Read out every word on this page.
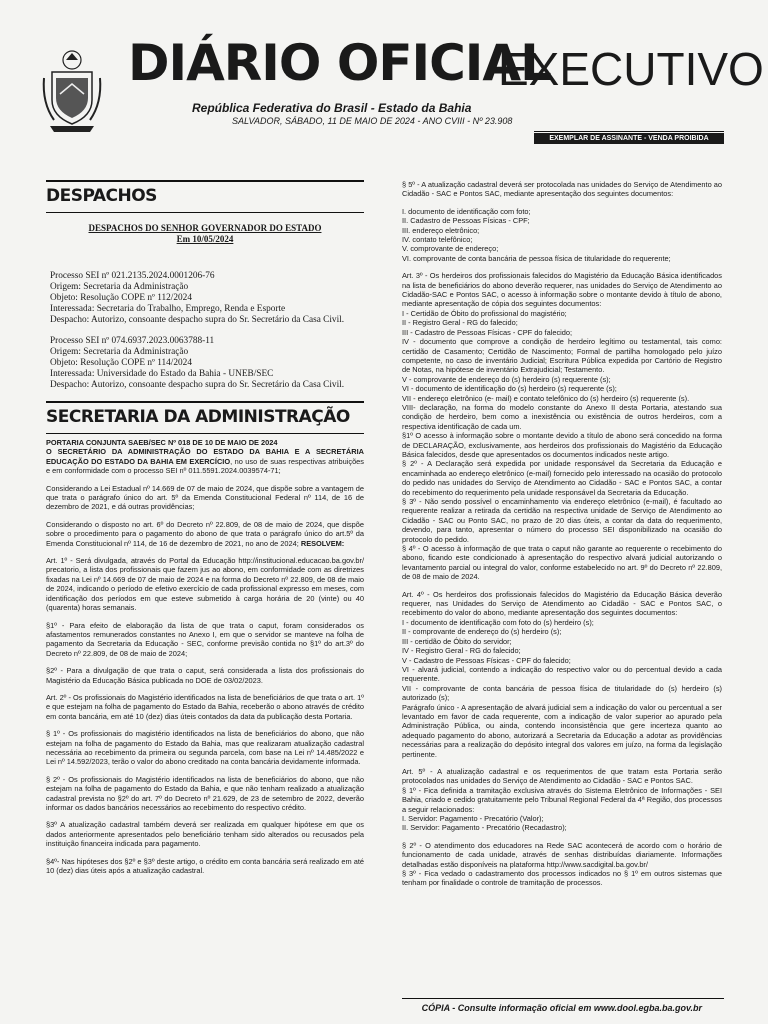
DIÁRIO OFICIAL
EXECUTIVO
República Federativa do Brasil - Estado da Bahia
SALVADOR, SÁBADO, 11 DE MAIO DE 2024 - ANO CVIII - Nº 23.908
EXEMPLAR DE ASSINANTE - VENDA PROIBIDA
DESPACHOS
DESPACHOS DO SENHOR GOVERNADOR DO ESTADO
Em 10/05/2024
Processo SEI nº 021.2135.2024.0001206-76
Origem: Secretaria da Administração
Objeto: Resolução COPE nº 112/2024
Interessada: Secretaria do Trabalho, Emprego, Renda e Esporte
Despacho: Autorizo, consoante despacho supra do Sr. Secretário da Casa Civil.
Processo SEI nº 074.6937.2023.0063788-11
Origem: Secretaria da Administração
Objeto: Resolução COPE nº 114/2024
Interessada: Universidade do Estado da Bahia - UNEB/SEC
Despacho: Autorizo, consoante despacho supra do Sr. Secretário da Casa Civil.
SECRETARIA DA ADMINISTRAÇÃO

PORTARIA CONJUNTA SAEB/SEC Nº 018 DE 10 DE MAIO DE 2024

O SECRETÁRIO DA ADMINISTRAÇÃO DO ESTADO DA BAHIA E A SECRETÁRIA EDUCAÇÃO DO ESTADO DA BAHIA EM EXERCÍCIO, no uso de suas respectivas atribuições e em conformidade com o processo SEI nº 011.5591.2024.0039574-71;

Considerando a Lei Estadual nº 14.669 de 07 de maio de 2024, que dispõe sobre a vantagem de que trata o parágrafo único do art. 5º da Emenda Constitucional Federal nº 114, de 16 de dezembro de 2021, e dá outras providências;

Considerando o disposto no art. 6º do Decreto nº 22.809, de 08 de maio de 2024, que dispõe sobre o procedimento para o pagamento do abono de que trata o parágrafo único do art.5º da Emenda Constitucional nº 114, de 16 de dezembro de 2021, no ano de 2024; RESOLVEM:

Art. 1º - Será divulgada, através do Portal da Educação http://institucional.educacao.ba.gov.br/ precatorio, a lista dos profissionais que fazem jus ao abono, em conformidade com as diretrizes fixadas na Lei nº 14.669 de 07 de maio de 2024 e na forma do Decreto nº 22.809, de 08 de maio de 2024, indicando o período de efetivo exercício de cada profissional expresso em meses, com identificação dos períodos em que esteve submetido à carga horária de 20 (vinte) ou 40 (quarenta) horas semanais.

§1º - Para efeito de elaboração da lista de que trata o caput, foram considerados os afastamentos remunerados constantes no Anexo I, em que o servidor se manteve na folha de pagamento da Secretaria da Educação - SEC, conforme previsão contida no §1º do art.3º do Decreto nº 22.809, de 08 de maio de 2024;

§2º - Para a divulgação de que trata o caput, será considerada a lista dos profissionais do Magistério da Educação Básica publicada no DOE de 03/02/2023.

Art. 2º - Os profissionais do Magistério identificados na lista de beneficiários de que trata o art. 1º e que estejam na folha de pagamento do Estado da Bahia, receberão o abono através de crédito em conta bancária, em até 10 (dez) dias úteis contados da data da publicação desta Portaria.

§ 1º - Os profissionais do magistério identificados na lista de beneficiários do abono, que não estejam na folha de pagamento do Estado da Bahia, mas que realizaram atualização cadastral necessária ao recebimento da primeira ou segunda parcela, com base na Lei nº 14.485/2022 e Lei nº 14.592/2023, terão o valor do abono creditado na conta bancária devidamente informada.

§ 2º - Os profissionais do Magistério identificados na lista de beneficiários do abono, que não estejam na folha de pagamento do Estado da Bahia, e que não tenham realizado a atualização cadastral prevista no §2º do art. 7º do Decreto nº 21.629, de 23 de setembro de 2022, deverão informar os dados bancários necessários ao recebimento do respectivo crédito.

§3º A atualização cadastral também deverá ser realizada em qualquer hipótese em que os dados anteriormente apresentados pelo beneficiário tenham sido alterados ou recusados pela instituição financeira indicada para pagamento.

§4º- Nas hipóteses dos §2º e §3º deste artigo, o crédito em conta bancária será realizado em até 10 (dez) dias úteis após a atualização cadastral.

§ 5º - A atualização cadastral deverá ser protocolada nas unidades do Serviço de Atendimento ao Cidadão - SAC e Pontos SAC, mediante apresentação dos seguintes documentos:

I. documento de identificação com foto;
II. Cadastro de Pessoas Físicas - CPF;
III. endereço eletrônico;
IV. contato telefônico;
V. comprovante de endereço;
VI. comprovante de conta bancária de pessoa física de titularidade do requerente;

Art. 3º - Os herdeiros dos profissionais falecidos do Magistério da Educação Básica identificados na lista de beneficiários do abono deverão requerer, nas unidades do Serviço de Atendimento ao Cidadão-SAC e Pontos SAC, o acesso à informação sobre o montante devido à título de abono, mediante apresentação de cópia dos seguintes documentos:

I - Certidão de Óbito do profissional do magistério;
II - Registro Geral - RG do falecido;
III - Cadastro de Pessoas Físicas - CPF do falecido;
IV - documento que comprove a condição de herdeiro legítimo ou testamental, tais como: certidão de Casamento; Certidão de Nascimento; Formal de partilha homologado pelo juízo competente, no caso de inventário Judicial; Escritura Pública expedida por Cartório de Registro de Notas, na hipótese de inventário Extrajudicial; Testamento.
V - comprovante de endereço do (s) herdeiro (s) requerente (s);
VI - documento de identificação do (s) herdeiro (s) requerente (s);
VII - endereço eletrônico (e- mail) e contato telefônico do (s) herdeiro (s) requerente (s).
VIII- declaração, na forma do modelo constante do Anexo II desta Portaria, atestando sua condição de herdeiro, bem como a inexistência ou existência de outros herdeiros, com a respectiva identificação de cada um.

§1º O acesso à informação sobre o montante devido a título de abono será concedido na forma de DECLARAÇÃO, exclusivamente, aos herdeiros dos profissionais do Magistério da Educação Básica falecidos, desde que apresentados os documentos indicados neste artigo.

§ 2º - A Declaração será expedida por unidade responsável da Secretaria da Educação e encaminhada ao endereço eletrônico (e-mail) fornecido pelo interessado na ocasião do protocolo do pedido nas unidades do Serviço de Atendimento ao Cidadão - SAC e Pontos SAC, a contar do recebimento do requerimento pela unidade responsável da Secretaria da Educação.

§ 3º - Não sendo possível o encaminhamento via endereço eletrônico (e-mail), é facultado ao requerente realizar a retirada da certidão na respectiva unidade de Serviço de Atendimento ao Cidadão - SAC ou Ponto SAC, no prazo de 20 dias úteis, a contar da data do requerimento, devendo, para tanto, apresentar o número do processo SEI disponibilizado na ocasião do protocolo do pedido.

§ 4º - O acesso à informação de que trata o caput não garante ao requerente o recebimento do abono, ficando este condicionado à apresentação do respectivo alvará judicial autorizando o levantamento parcial ou integral do valor, conforme estabelecido no art. 9º do Decreto nº 22.809, de 08 de maio de 2024.

Art. 4º - Os herdeiros dos profissionais falecidos do Magistério da Educação Básica deverão requerer, nas Unidades do Serviço de Atendimento ao Cidadão - SAC e Pontos SAC, o recebimento do valor do abono, mediante apresentação dos seguintes documentos:

I - documento de identificação com foto do (s) herdeiro (s);
II - comprovante de endereço do (s) herdeiro (s);
III - certidão de Óbito do servidor;
IV - Registro Geral - RG do falecido;
V - Cadastro de Pessoas Físicas - CPF do falecido;
VI - alvará judicial, contendo a indicação do respectivo valor ou do percentual devido a cada requerente.
VII - comprovante de conta bancária de pessoa física de titularidade do (s) herdeiro (s) autorizado (s);

Parágrafo único - A apresentação de alvará judicial sem a indicação do valor ou percentual a ser levantado em favor de cada requerente, com a indicação de valor superior ao apurado pela Administração Pública, ou ainda, contendo inconsistência que gere incerteza quanto ao adequado pagamento do abono, autorizará a Secretaria da Educação a adotar as providências necessárias para a realização do depósito integral dos valores em juízo, na forma da legislação pertinente.

Art. 5º - A atualização cadastral e os requerimentos de que tratam esta Portaria serão protocolados nas unidades do Serviço de Atendimento ao Cidadão - SAC e Pontos SAC.

§ 1º - Fica definida a tramitação exclusiva através do Sistema Eletrônico de Informações - SEI Bahia, criado e cedido gratuitamente pelo Tribunal Regional Federal da 4ª Região, dos processos a seguir relacionados:

I. Servidor: Pagamento - Precatório (Valor);
II. Servidor: Pagamento - Precatório (Recadastro);

§ 2º - O atendimento dos educadores na Rede SAC acontecerá de acordo com o horário de funcionamento de cada unidade, através de senhas distribuídas diariamente. Informações detalhadas estão disponíveis na plataforma http://www.sacdigital.ba.gov.br/

§ 3º - Fica vedado o cadastramento dos processos indicados no § 1º em outros sistemas que tenham por finalidade o controle de tramitação de processos.

CÓPIA - Consulte informação oficial em www.dool.egba.ba.gov.br
